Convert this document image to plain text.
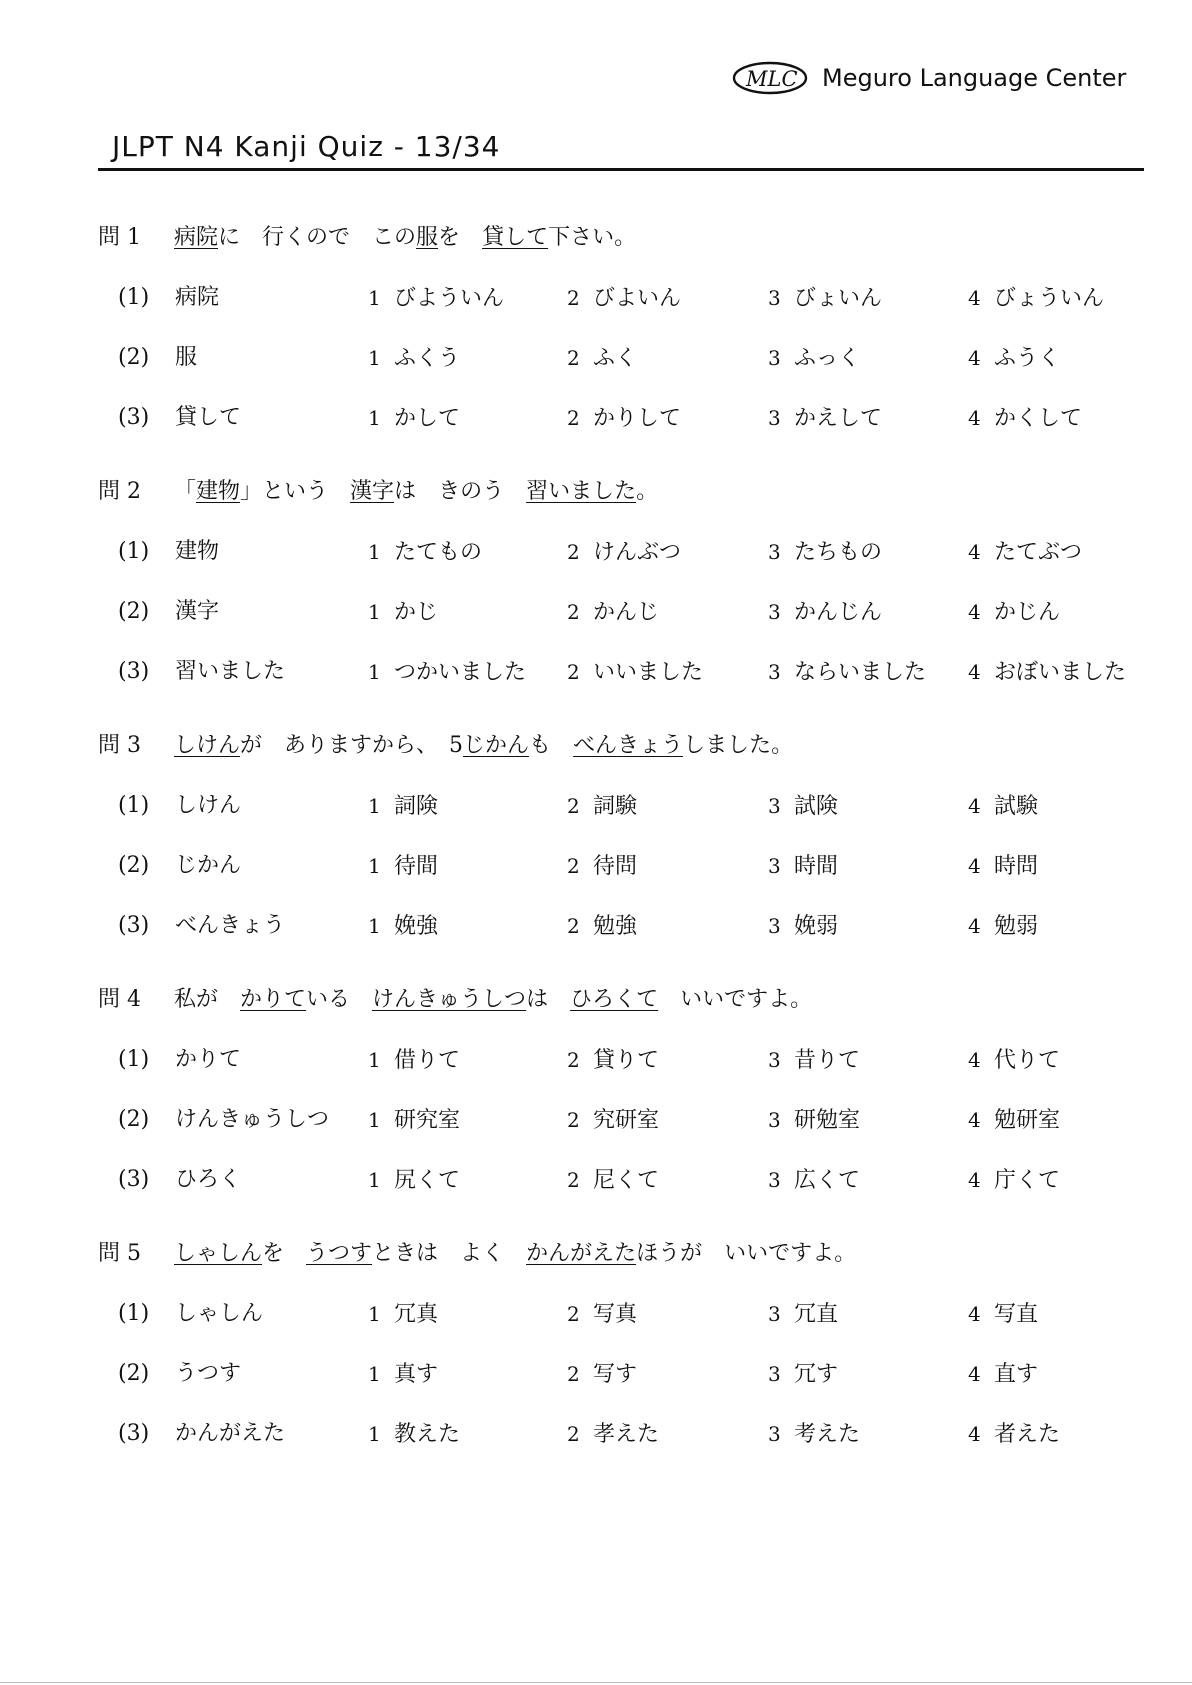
MLC Meguro Language Center
JLPT N4 Kanji Quiz - 13/34
問 1 病院に　行くので　この服を　貸して下さい。
(1) 病院	1 びよういん	2 びよいん	3 びょいん	4 びょういん
(2) 服	1 ふくう	2 ふく	3 ふっく	4 ふうく
(3) 貸して	1 かして	2 かりして	3 かえして	4 かくして
問 2 「建物」という　漢字は　きのう　習いました。
(1) 建物	1 たてもの	2 けんぶつ	3 たちもの	4 たてぶつ
(2) 漢字	1 かじ	2 かんじ	3 かんじん	4 かじん
(3) 習いました	1 つかいました 2 いいました	3 ならいました 4 おぼいました
問 3 しけんが　ありますから、　5じかんも　べんきょうしました。
(1) しけん	1 詞険	2 詞験	3 試険	4 試験
(2) じかん	1 待間	2 待問	3 時間	4 時問
(3) べんきょう	1 娩強	2 勉強	3 娩弱	4 勉弱
問 4 私が　かりている　けんきゅうしつは　ひろくて　いいですよ。
(1) かりて	1 借りて	2 貸りて	3 昔りて	4 代りて
(2) けんきゅうしつ 1 研究室	2 究研室	3 研勉室	4 勉研室
(3) ひろく	1 尻くて	2 尼くて	3 広くて	4 庁くて
問 5 しゃしんを　うつすときは　よく　かんがえたほうが　いいですよ。
(1) しゃしん	1 冗真	2 写真	3 冗直	4 写直
(2) うつす	1 真す	2 写す	3 冗す	4 直す
(3) かんがえた	1 教えた	2 孝えた	3 考えた	4 者えた
